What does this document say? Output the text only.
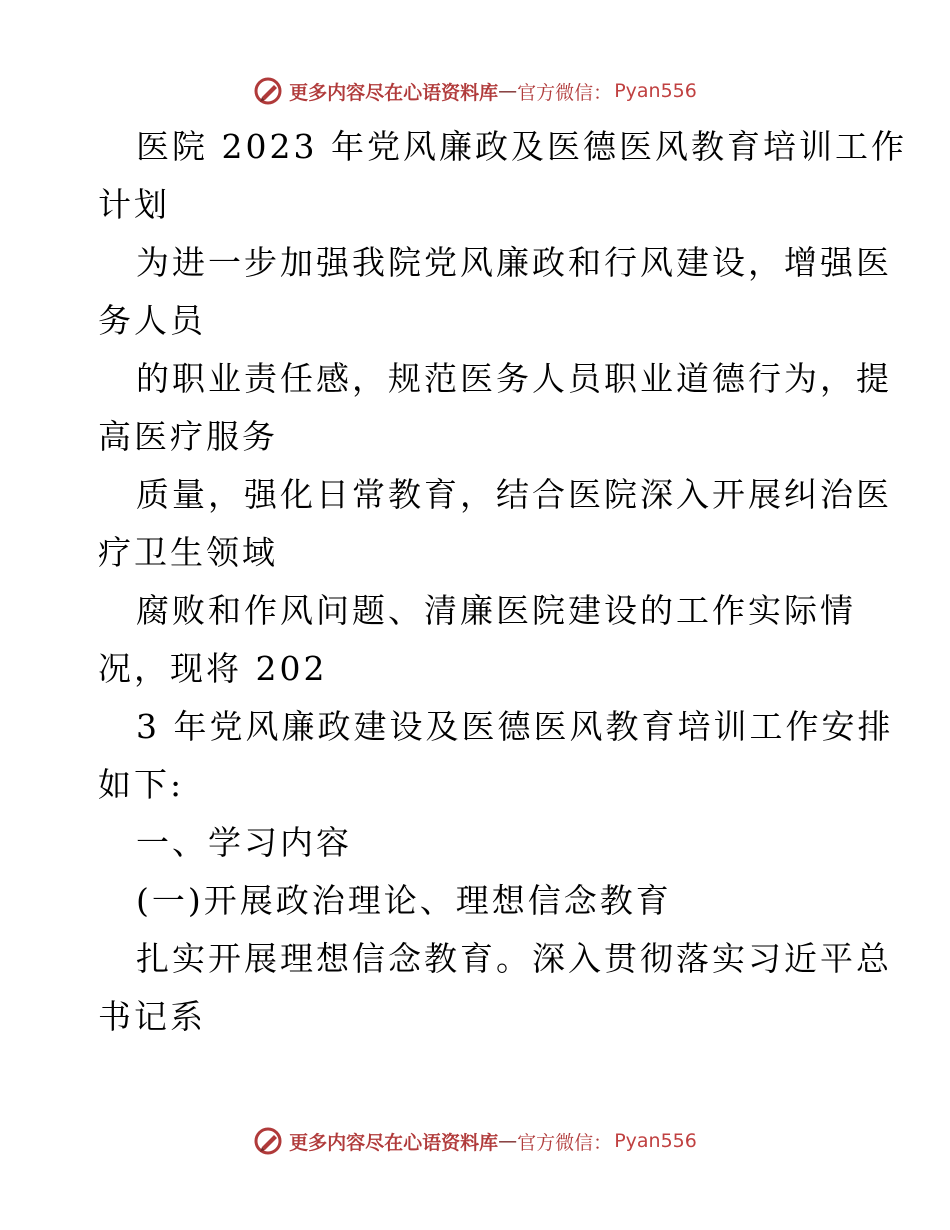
更多内容尽在心语资料库 — 官方微信： Pyan556
医院 2023 年党风廉政及医德医风教育培训工作
计划
为进一步加强我院党风廉政和行风建设，增强医
务人员
的职业责任感，规范医务人员职业道德行为，提
高医疗服务
质量，强化日常教育，结合医院深入开展纠治医
疗卫生领域
腐败和作风问题、清廉医院建设的工作实际情
况，现将 202
3 年党风廉政建设及医德医风教育培训工作安排
如下:
一、学习内容
(一)开展政治理论、理想信念教育
扎实开展理想信念教育。深入贯彻落实习近平总
书记系
更多内容尽在心语资料库 — 官方微信： Pyan556
